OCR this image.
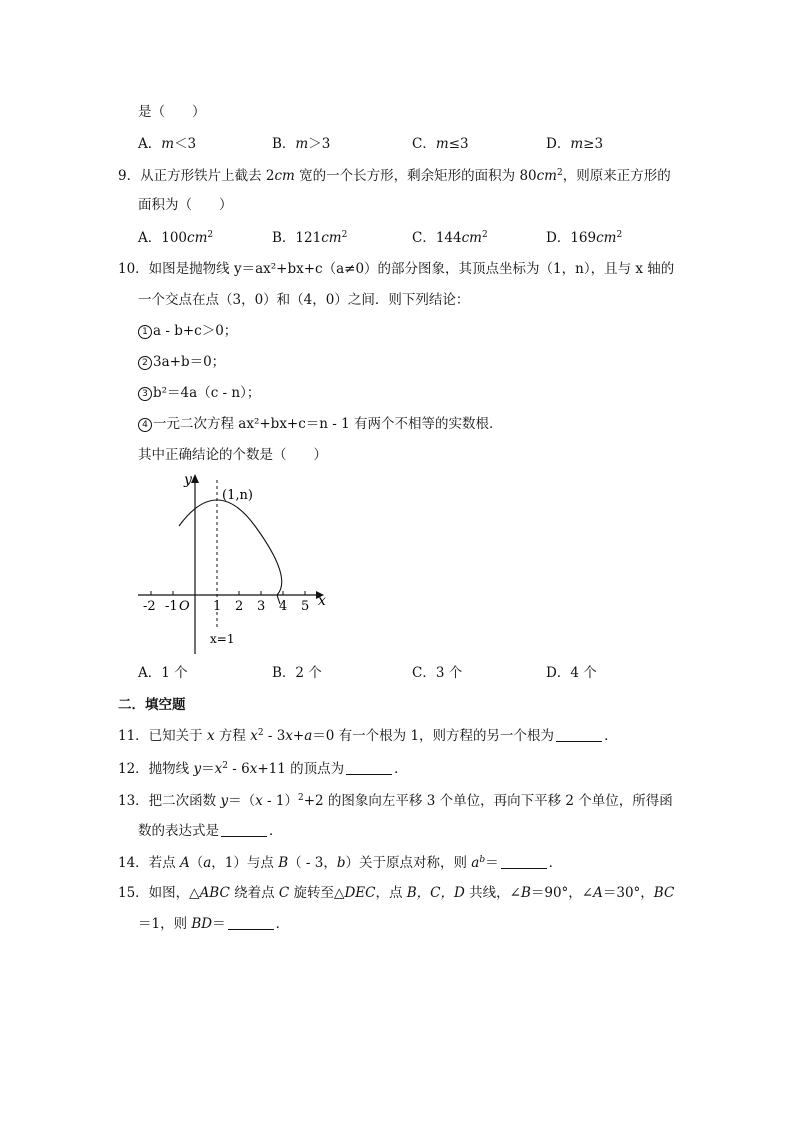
是（　　）
A．m＜3	B．m＞3	C．m≤3	D．m≥3
9．从正方形铁片上截去 2cm 宽的一个长方形，剩余矩形的面积为 $80cm^2$，则原来正方形的
面积为（　　）
A．$100cm^2$	B．$121cm^2$	C．$144cm^2$	D．$169cm^2$
10．如图是抛物线 y＝ax²+bx+c（a≠0）的部分图象，其顶点坐标为（1，n），且与 x 轴的
一个交点在点（3，0）和（4，0）之间．则下列结论：
1 a - b+c＞0；
2 3a+b＝0；
3 b²＝4a（c - n）；
4 一元二次方程 ax²+bx+c＝n - 1 有两个不相等的实数根．
其中正确结论的个数是（　　）
y
x
(1,n)
O
-2 -1	1 2 3 4 5
x=1
A．1 个	B．2 个	C．3 个	D．4 个
二．填空题
11．已知关于 x 方程 $x^2 - 3x+a=0$ 有一个根为 1，则方程的另一个根为	．
12．抛物线 $y=x^2 - 6x+11$ 的顶点为	．
13．把二次函数 y＝（x - 1）$^2$+2 的图象向左平移 3 个单位，再向下平移 2 个单位，所得函
数的表达式是	．
14．若点 A（a，1）与点 B（ - 3，b）关于原点对称，则 $a^b=$	．
15．如图，△ABC 绕着点 C 旋转至△DEC，点 B，C，D 共线，∠B＝90°，∠A＝30°，BC
＝1，则 BD＝	．
